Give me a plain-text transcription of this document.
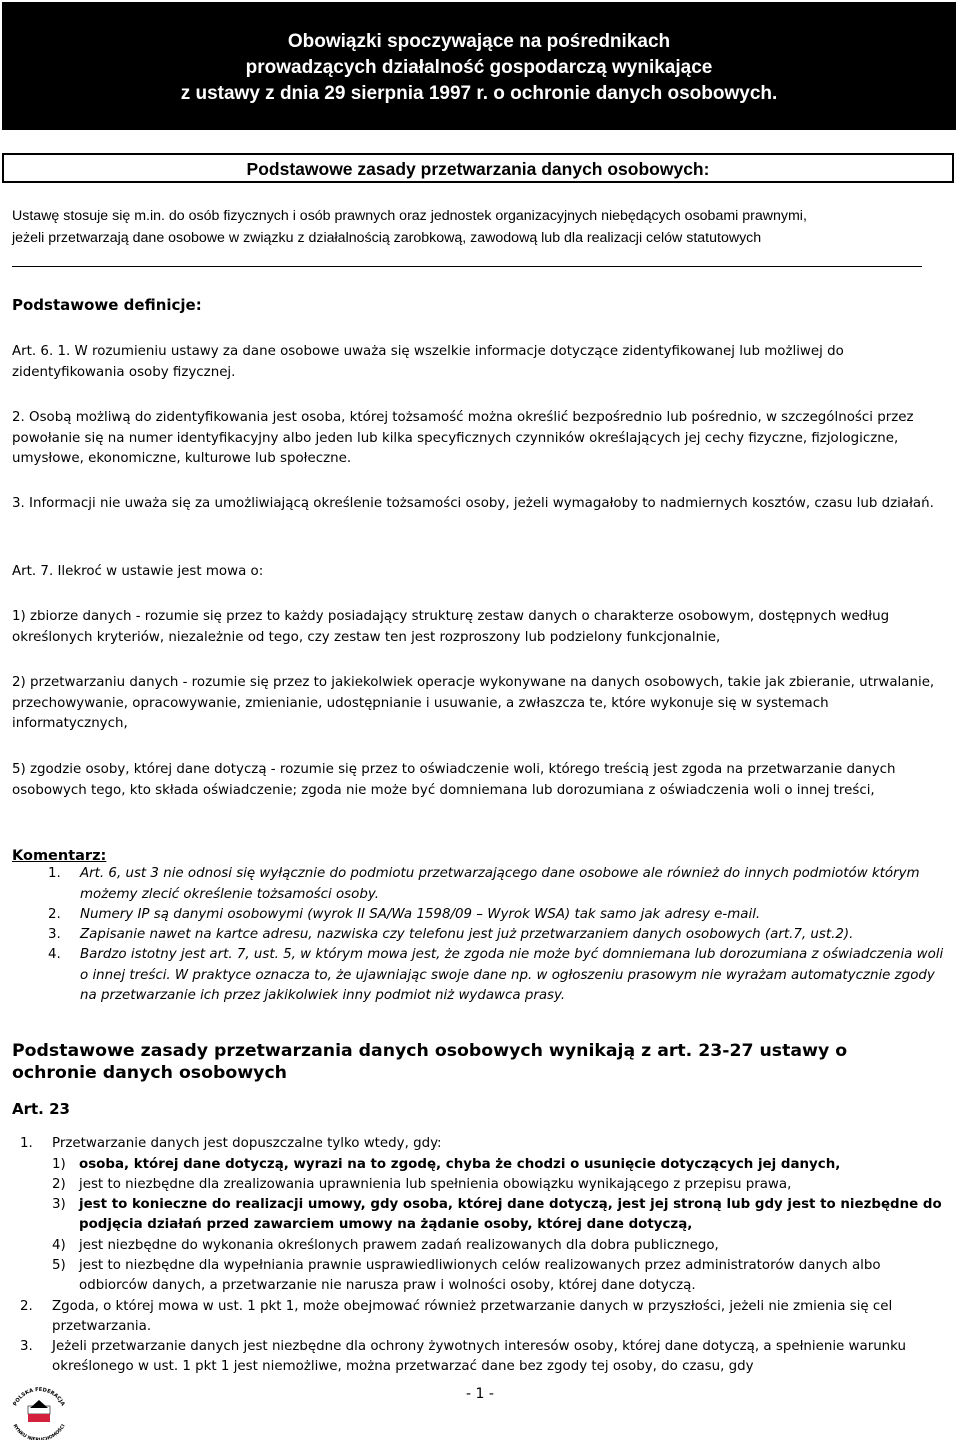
Obowiązki spoczywające na pośrednikach
prowadzących działalność gospodarczą wynikające
z ustawy z dnia 29 sierpnia 1997 r. o ochronie danych osobowych.
Podstawowe zasady przetwarzania danych osobowych:
Ustawę stosuje się m.in. do osób fizycznych i osób prawnych oraz jednostek organizacyjnych niebędących osobami prawnymi,
jeżeli przetwarzają dane osobowe w związku z działalnością zarobkową, zawodową lub dla realizacji celów statutowych
Podstawowe definicje:
Art. 6. 1. W rozumieniu ustawy za dane osobowe uważa się wszelkie informacje dotyczące zidentyfikowanej lub możliwej do zidentyfikowania osoby fizycznej.
2. Osobą możliwą do zidentyfikowania jest osoba, której tożsamość można określić bezpośrednio lub pośrednio, w szczególności przez powołanie się na numer identyfikacyjny albo jeden lub kilka specyficznych czynników określających jej cechy fizyczne, fizjologiczne, umysłowe, ekonomiczne, kulturowe lub społeczne.
3. Informacji nie uważa się za umożliwiającą określenie tożsamości osoby, jeżeli wymagałoby to nadmiernych kosztów, czasu lub działań.
Art. 7. Ilekroć w ustawie jest mowa o:
1) zbiorze danych - rozumie się przez to każdy posiadający strukturę zestaw danych o charakterze osobowym, dostępnych według określonych kryteriów, niezależnie od tego, czy zestaw ten jest rozproszony lub podzielony funkcjonalnie,
2) przetwarzaniu danych - rozumie się przez to jakiekolwiek operacje wykonywane na danych osobowych, takie jak zbieranie, utrwalanie, przechowywanie, opracowywanie, zmienianie, udostępnianie i usuwanie, a zwłaszcza te, które wykonuje się w systemach informatycznych,
5) zgodzie osoby, której dane dotyczą - rozumie się przez to oświadczenie woli, którego treścią jest zgoda na przetwarzanie danych osobowych tego, kto składa oświadczenie; zgoda nie może być domniemana lub dorozumiana z oświadczenia woli o innej treści,
Komentarz:
1. Art. 6, ust 3 nie odnosi się wyłącznie do podmiotu przetwarzającego dane osobowe ale również do innych podmiotów którym możemy zlecić określenie tożsamości osoby.
2. Numery IP są danymi osobowymi (wyrok II SA/Wa 1598/09 – Wyrok WSA) tak samo jak adresy e-mail.
3. Zapisanie nawet na kartce adresu, nazwiska czy telefonu jest już przetwarzaniem danych osobowych (art.7, ust.2).
4. Bardzo istotny jest art. 7, ust. 5, w którym mowa jest, że zgoda nie może być domniemana lub dorozumiana z oświadczenia woli o innej treści. W praktyce oznacza to, że ujawniając swoje dane np. w ogłoszeniu prasowym nie wyrażam automatycznie zgody na przetwarzanie ich przez jakikolwiek inny podmiot niż wydawca prasy.
Podstawowe zasady przetwarzania danych osobowych wynikają z art. 23-27 ustawy o ochronie danych osobowych
Art. 23
1. Przetwarzanie danych jest dopuszczalne tylko wtedy, gdy:
1) osoba, której dane dotyczą, wyrazi na to zgodę, chyba że chodzi o usunięcie dotyczących jej danych,
2) jest to niezbędne dla zrealizowania uprawnienia lub spełnienia obowiązku wynikającego z przepisu prawa,
3) jest to konieczne do realizacji umowy, gdy osoba, której dane dotyczą, jest jej stroną lub gdy jest to niezbędne do podjęcia działań przed zawarciem umowy na żądanie osoby, której dane dotyczą,
4) jest niezbędne do wykonania określonych prawem zadań realizowanych dla dobra publicznego,
5) jest to niezbędne dla wypełniania prawnie usprawiedliwionych celów realizowanych przez administratorów danych albo odbiorców danych, a przetwarzanie nie narusza praw i wolności osoby, której dane dotyczą.
2. Zgoda, o której mowa w ust. 1 pkt 1, może obejmować również przetwarzanie danych w przyszłości, jeżeli nie zmienia się cel przetwarzania.
3. Jeżeli przetwarzanie danych jest niezbędne dla ochrony żywotnych interesów osoby, której dane dotyczą, a spełnienie warunku określonego w ust. 1 pkt 1 jest niemożliwe, można przetwarzać dane bez zgody tej osoby, do czasu, gdy
- 1 -
POLSKA FEDERACJA
RYNKU NI HOMOŚCI
